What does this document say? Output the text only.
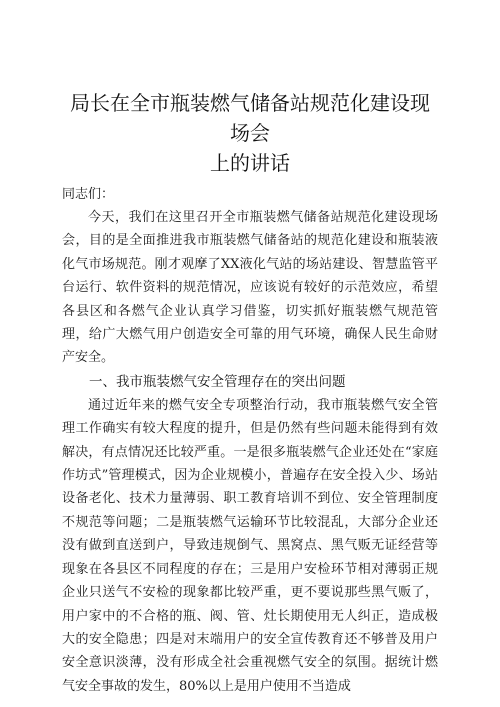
局长在全市瓶装燃气储备站规范化建设现场会
上的讲话

同志们：

今天，我们在这里召开全市瓶装燃气储备站规范化建设现场会，目的是全面推进我市瓶装燃气储备站的规范化建设和瓶装液化气市场规范。刚才观摩了XX液化气站的场站建设、智慧监管平台运行、软件资料的规范情况，应该说有较好的示范效应，希望各县区和各燃气企业认真学习借鉴，切实抓好瓶装燃气规范管理，给广大燃气用户创造安全可靠的用气环境，确保人民生命财产安全。

一、我市瓶装燃气安全管理存在的突出问题

通过近年来的燃气安全专项整治行动，我市瓶装燃气安全管理工作确实有较大程度的提升，但是仍然有些问题未能得到有效解决，有点情况还比较严重。一是很多瓶装燃气企业还处在“家庭作坊式”管理模式，因为企业规模小，普遍存在安全投入少、场站设备老化、技术力量薄弱、职工教育培训不到位、安全管理制度不规范等问题；二是瓶装燃气运输环节比较混乱，大部分企业还没有做到直送到户，导致违规倒气、黑窝点、黑气贩无证经营等现象在各县区不同程度的存在；三是用户安检环节相对薄弱正规企业只送气不安检的现象都比较严重，更不要说那些黑气贩了，用户家中的不合格的瓶、阀、管、灶长期使用无人纠正，造成极大的安全隐患；四是对末端用户的安全宣传教育还不够普及用户安全意识淡薄，没有形成全社会重视燃气安全的氛围。据统计燃气安全事故的发生，80%以上是用户使用不当造成
